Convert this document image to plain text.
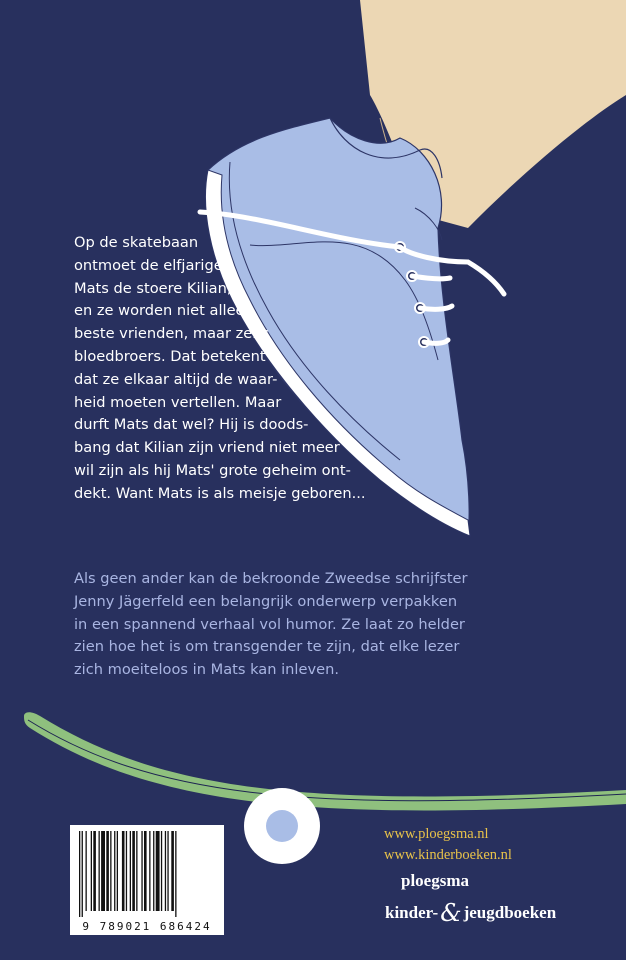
Op de skatebaan
ontmoet de elfjarige
Mats de stoere Kilian,
en ze worden niet alleen
beste vrienden, maar zelfs
bloedbroers. Dat betekent
dat ze elkaar altijd de waar-
heid moeten vertellen. Maar
durft Mats dat wel? Hij is doods-
bang dat Kilian zijn vriend niet meer
wil zijn als hij Mats' grote geheim ont-
dekt. Want Mats is als meisje geboren...
Als geen ander kan de bekroonde Zweedse schrijfster
Jenny Jägerfeld een belangrijk onderwerp verpakken
in een spannend verhaal vol humor. Ze laat zo helder
zien hoe het is om transgender te zijn, dat elke lezer
zich moeiteloos in Mats kan inleven.
9 789021 686424
www.ploegsma.nl
www.kinderboeken.nl
ploegsma
kinder-& jeugdboeken
